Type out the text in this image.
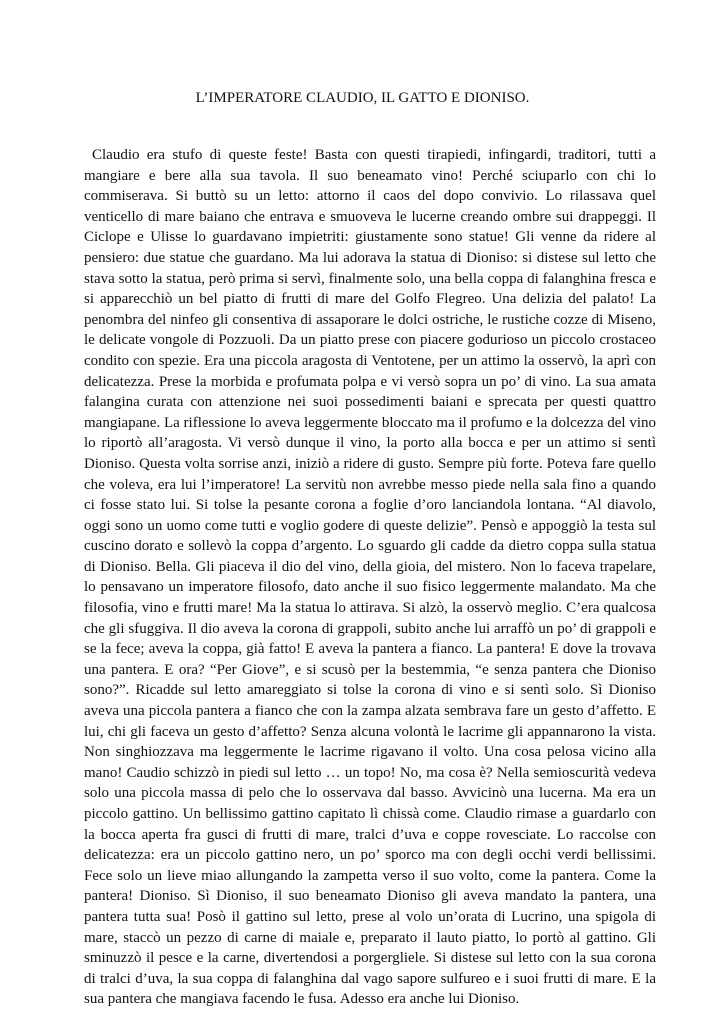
L’IMPERATORE CLAUDIO, IL GATTO E DIONISO.

Claudio era stufo di queste feste! Basta con questi tirapiedi, infingardi, traditori, tutti a mangiare e bere alla sua tavola. Il suo beneamato vino! Perché sciuparlo con chi lo commiserava. Si buttò su un letto: attorno il caos del dopo convivio. Lo rilassava quel venticello di mare baiano che entrava e smuoveva le lucerne creando ombre sui drappeggi. Il Ciclope e Ulisse lo guardavano impietriti: giustamente sono statue! Gli venne da ridere al pensiero: due statue che guardano. Ma lui adorava la statua di Dioniso: si distese sul letto che stava sotto la statua, però prima si servì, finalmente solo, una bella coppa di falanghina fresca e si apparecchiò un bel piatto di frutti di mare del Golfo Flegreo. Una delizia del palato! La penombra del ninfeo gli consentiva di assaporare le dolci ostriche, le rustiche cozze di Miseno, le delicate vongole di Pozzuoli. Da un piatto prese con piacere godurioso un piccolo crostaceo condito con spezie. Era una piccola aragosta di Ventotene, per un attimo la osservò, la aprì con delicatezza. Prese la morbida e profumata polpa e vi versò sopra un po’ di vino. La sua amata falangina curata con attenzione nei suoi possedimenti baiani e sprecata per questi quattro mangiapane. La riflessione lo aveva leggermente bloccato ma il profumo e la dolcezza del vino lo riportò all’aragosta. Vi versò dunque il vino, la porto alla bocca e per un attimo si sentì Dioniso. Questa volta sorrise anzi, iniziò a ridere di gusto. Sempre più forte. Poteva fare quello che voleva, era lui l’imperatore! La servitù non avrebbe messo piede nella sala fino a quando ci fosse stato lui. Si tolse la pesante corona a foglie d’oro lanciandola lontana. “Al diavolo, oggi sono un uomo come tutti e voglio godere di queste delizie”. Pensò e appoggiò la testa sul cuscino dorato e sollevò la coppa d’argento. Lo sguardo gli cadde da dietro coppa sulla statua di Dioniso. Bella. Gli piaceva il dio del vino, della gioia, del mistero. Non lo faceva trapelare, lo pensavano un imperatore filosofo, dato anche il suo fisico leggermente malandato. Ma che filosofia, vino e frutti mare! Ma la statua lo attirava. Si alzò, la osservò meglio. C’era qualcosa che gli sfuggiva. Il dio aveva la corona di grappoli, subito anche lui arraffò un po’ di grappoli e se la fece; aveva la coppa, già fatto! E aveva la pantera a fianco. La pantera! E dove la trovava una pantera. E ora? “Per Giove”, e si scusò per la bestemmia, “e senza pantera che Dioniso sono?”. Ricadde sul letto amareggiato si tolse la corona di vino e si sentì solo. Sì Dioniso aveva una piccola pantera a fianco che con la zampa alzata sembrava fare un gesto d’affetto. E lui, chi gli faceva un gesto d’affetto? Senza alcuna volontà le lacrime gli appannarono la vista. Non singhiozzava ma leggermente le lacrime rigavano il volto. Una cosa pelosa vicino alla mano! Caudio schizzò in piedi sul letto … un topo! No, ma cosa è? Nella semioscurità vedeva solo una piccola massa di pelo che lo osservava dal basso. Avvicinò una lucerna. Ma era un piccolo gattino. Un bellissimo gattino capitato lì chissà come. Claudio rimase a guardarlo con la bocca aperta fra gusci di frutti di mare, tralci d’uva e coppe rovesciate. Lo raccolse con delicatezza: era un piccolo gattino nero, un po’ sporco ma con degli occhi verdi bellissimi. Fece solo un lieve miao allungando la zampetta verso il suo volto, come la pantera. Come la pantera! Dioniso. Sì Dioniso, il suo beneamato Dioniso gli aveva mandato la pantera, una pantera tutta sua! Posò il gattino sul letto, prese al volo un’orata di Lucrino, una spigola di mare, staccò un pezzo di carne di maiale e, preparato il lauto piatto, lo portò al gattino. Gli sminuzzò il pesce e la carne, divertendosi a porgergliele. Si distese sul letto con la sua corona di tralci d’uva, la sua coppa di falanghina dal vago sapore sulfureo e i suoi frutti di mare. E la sua pantera che mangiava facendo le fusa. Adesso era anche lui Dioniso.
